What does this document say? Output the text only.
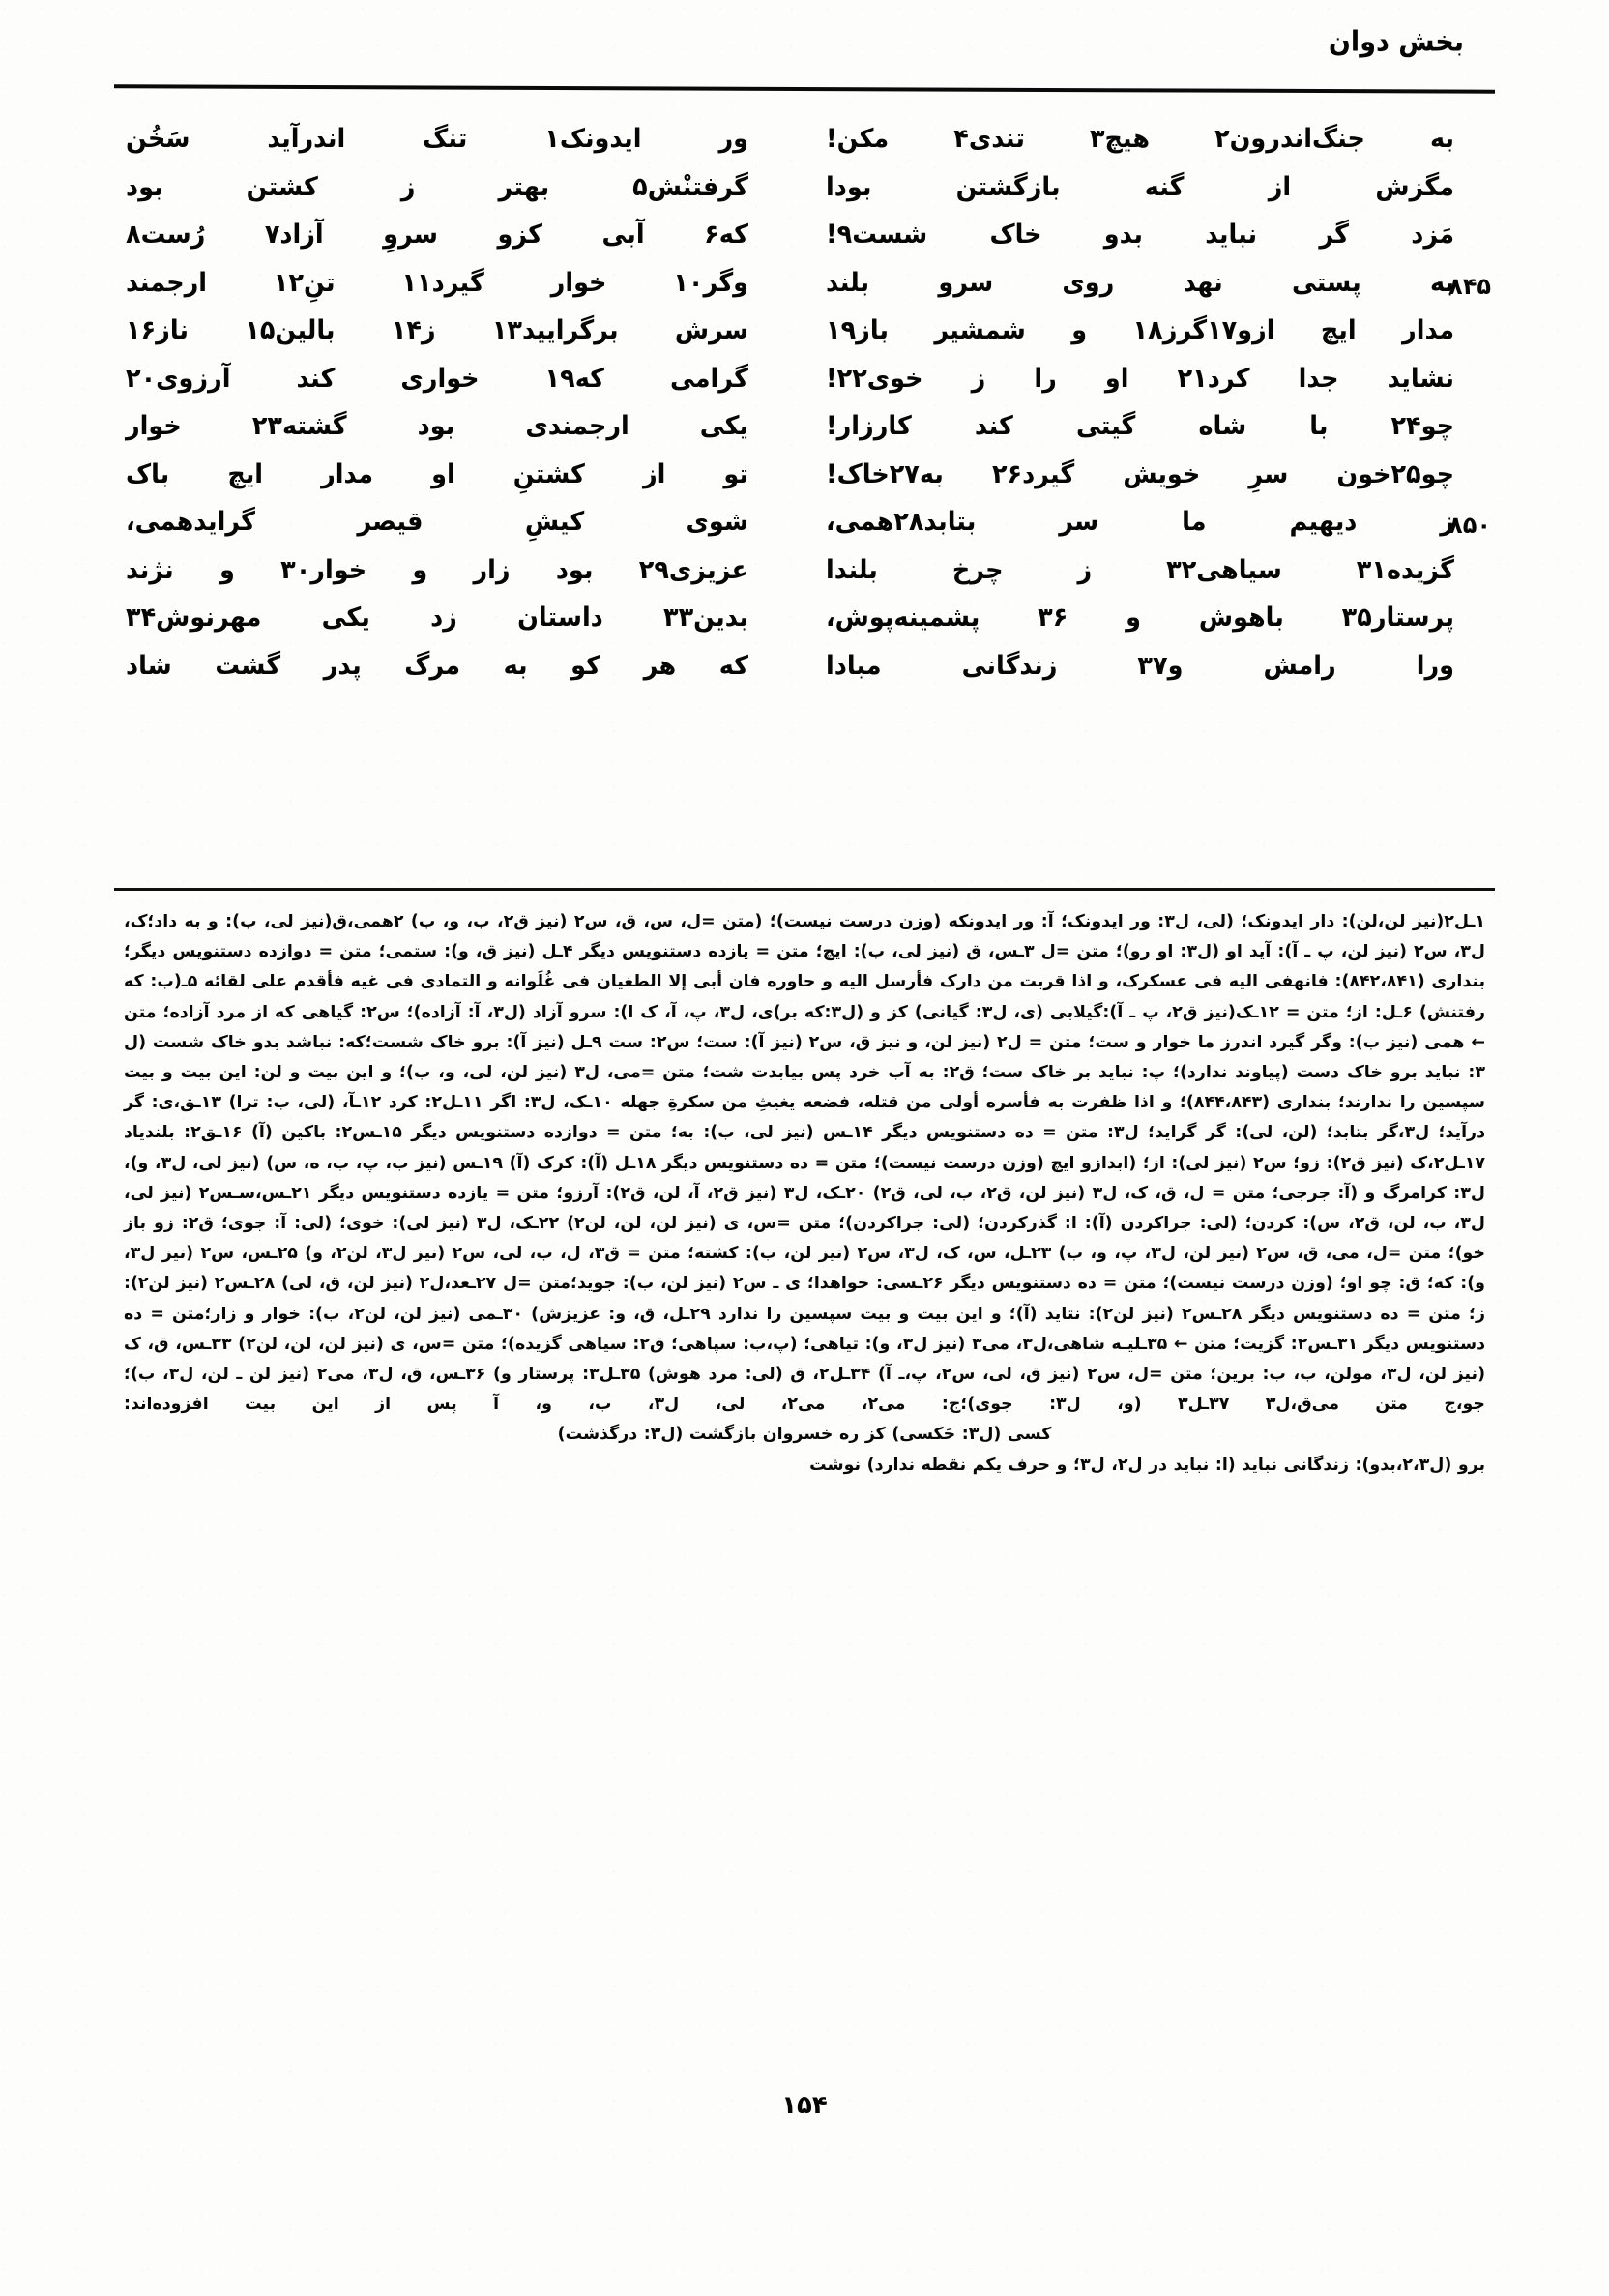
بخش دوان
به جنگ‌اندرون۲ هیچ۳ تندی۴ مکن!
ور ایدونک۱ تنگ اندرآید سَخُن
مگزش از گنه بازگشتن بودا
گرفتنْش۵ بهتر ز کشتن بود
مَزد گر نباید بدو خاک شست۹!
که۶ آبی کزو سروِ آزاد۷ رُست۸
به پستی نهد روی سرو بلند
وگر۱۰ خوار گیرد۱۱ تنِ۱۲ ارجمند	۸۴۵
مدار ایچ ازو۱۷گرز۱۸ و شمشیر باز۱۹
سرش برگرایید۱۳ ز۱۴ بالین۱۵ ناز۱۶
نشاید جدا کرد۲۱ او را ز خوی۲۲!
گرامی که۱۹ خواری کند آرزوی۲۰
چو۲۴ با شاه گیتی کند کارزار!
یکی ارجمندی بود گشته۲۳ خوار
چو۲۵خون سرِ خویش گیرد۲۶ به۲۷خاک!
تو از کشتنِ او مدار ایچ باک
ز دیهیم ما سر بتابد۲۸همی،
شوی کیشِ قیصر گرایدهمی،	۸۵۰
گزیده۳۱ سیاهی۳۲ ز چرخ بلندا
عزیزی۲۹ بود زار و خوار۳۰ و نژند
پرستار۳۵ باهوش و ۳۶ پشمینه‌پوش،
بدین۳۳ داستان زد یکی مهرنوش۳۴
ورا رامش و۳۷ زندگانی مبادا
که هر کو به مرگ پدر گشت شاد

۱ـل۲(نیز لن،لن): دار ایدونک؛ (لی، ل۳: ور ایدونک؛ آ: ور ایدونکه (وزن درست نیست)؛ (متن =ل، س، ق، س۲ (نیز ق۲، ب، و، ب) ۲همی،ق(نیز لی، ب): و به داد؛ک، ل۳، س۲ (نیز لن، پ ـ آ): آید او (ل۳: او رو)؛ متن =ل ۳ـس، ق (نیز لی، ب): ایچ؛ متن = یازده دستنویس دیگر ۴ـل (نیز ق، و): ستمی؛ متن = دوازده دستنویس دیگر؛ بنداری (۸۴۲،۸۴۱): فانهفی الیه فی عسکرک، و اذا قربت من دارک فأرسل الیه و حاوره فان أبی إلا الطغیان فی غُلَوانه و التمادی فی غیه فأقدم علی لقائه ۵ـ(ب: که رفتنش) ۶ـل: از؛ متن = ۱۲ـک(نیز ق۲، پ ـ آ):گیلابی (ی، ل۳: گیانی) کز و (ل۳:که بر)ی، ل۳، پ، آ، ک ا): سرو آزاد (ل۳، آ: آزاده)؛ س۲: گیاهی که از مرد آزاده؛ متن ← همی (نیز ب): وگر گیرد اندرز ما خوار و ست؛ متن = ل۲ (نیز لن، و نیز ق، س۲ (نیز آ): ست؛ س۲: ست ۹ـل (نیز آ): برو خاک شست؛که: نباشد بدو خاک شست (ل ۳: نباید برو خاک دست (پیاوند ندارد)؛ پ: نباید بر خاک ست؛ ق۲: به آب خرد پس بیابدت شت؛ متن =می، ل۳ (نیز لن، لی، و، ب)؛ و این بیت و لن: این بیت و بیت سپسین را ندارند؛ بنداری (۸۴۴،۸۴۳)؛ و اذا ظفرت به فأسره أولی من قتله، فضعه یغیثِ من سکرةِ جهله ۱۰ـک، ل۳: اگر ۱۱ـل۲: کرد ۱۲ـآ، (لی، ب: ترا) ۱۳ـق،ی: گر درآید؛ ل۳،گر بتابد؛ (لن، لی): گر گراید؛ ل۳: متن = ده دستنویس دیگر ۱۴ـس (نیز لی، ب): به؛ متن = دوازده دستنویس دیگر ۱۵ـس۲: باکین (آ) ۱۶ـق۲: بلندیاد ۱۷ـل۲،ک (نیز ق۲): زو؛ س۲ (نیز لی): از؛ (ابدازو ایچ (وزن درست نیست)؛ متن = ده دستنویس دیگر ۱۸ـل (آ): کرک (آ) ۱۹ـس (نیز ب، پ، ب، ه، س) (نیز لی، ل۳، و)، ل۳: کرامرگ و (آ: جرجی؛ متن = ل، ق، ک، ل۳ (نیز لن، ق۲، ب، لی، ق۲) ۲۰ـک، ل۳ (نیز ق۲، آ، لن، ق۲): آرزو؛ متن = یازده دستنویس دیگر ۲۱ـس،سـس۲ (نیز لی، ل۳، ب، لن، ق۲، س): کردن؛ (لی: جراکردن (آ): ا: گذرکردن؛ (لی: جراکردن)؛ متن =س، ی (نیز لن، لن، لن۲) ۲۲ـک، ل۳ (نیز لی): خوی؛ (لی: آ: جوی؛ ق۲: زو باز خو)؛ متن =ل، می، ق، س۲ (نیز لن، ل۳، پ، و، ب) ۲۳ـل، س، ک، ل۳، س۲ (نیز لن، ب): کشته؛ متن = ق۳، ل، ب، لی، س۲ (نیز ل۳، لن۲، و) ۲۵ـس، س۲ (نیز ل۳، و): که؛ ق: چو او؛ (وزن درست نیست)؛ متن = ده دستنویس دیگر ۲۶ـسی: خواهدا؛ ی ـ س۲ (نیز لن، ب): جوید؛متن =ل ۲۷ـعد،ل۲ (نیز لن، ق، لی) ۲۸ـس۲ (نیز لن۲): ز؛ متن = ده دستنویس دیگر ۲۸ـس۲ (نیز لن۲): نتاید (آ)؛ و این بیت و بیت سپسین را ندارد ۲۹ـل، ق، و: عزیزش) ۳۰ـمی (نیز لن، لن۲، ب): خوار و زار؛متن = ده دستنویس دیگر ۳۱ـس۲: گزیت؛ متن ← ۳۵ـلیـه شاهی،ل۳، می۳ (نیز ل۳، و): تیاهی؛ (پ،ب: سپاهی؛ ق۲: سیاهی گزیده)؛ متن =س، ی (نیز لن، لن، لن۲) ۳۳ـس، ق، ک (نیز لن، ل۳، مولن، ب، ب: برین؛ متن =ل، س۲ (نیز ق، لی، س۲، پ،ـ آ) ۳۴ـل۲، ق (لی: مرد هوش) ۳۵ـل۳: پرستار و) ۳۶ـس، ق، ل۳، می۲ (نیز لن ـ لن، ل۳، ب)؛ جو،ج متن می‌ق،ل۳ ۳۷ـل۳ (و، ل۳: جوی)؛ج: می۲، می۲، لی، ل۳، ب، و، آ پس از این بیت افزوده‌اند:

کسی (ل۳: حَکسی) کز ره خسروان بازگشت (ل۳: درگذشت)

برو (ل۲،۳،بدو): زندگانی نباید (ا: نباید در ل۲، ل۳؛ و حرف یکم نقطه ندارد) نوشت

۱۵۴
